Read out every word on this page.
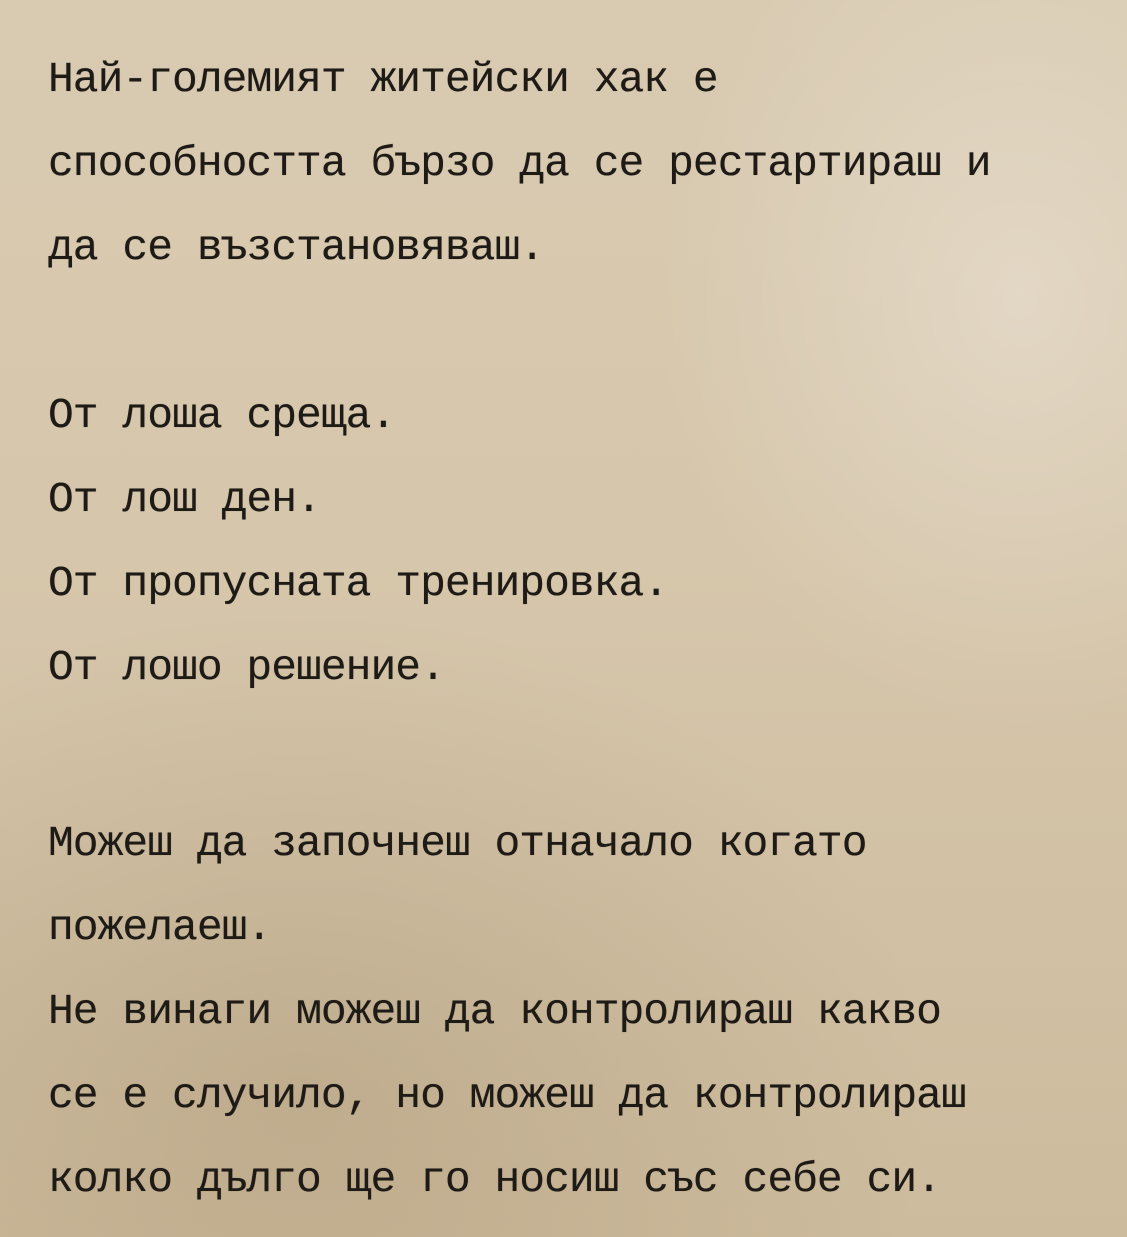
Най-големият житейски хак е

способността бързо да се рестартираш и

да се възстановяваш.

От лоша среща.

От лош ден.

От пропусната тренировка.

От лошо решение.

Можеш да започнеш отначало когато

пожелаеш.

Не винаги можеш да контролираш какво

се е случило, но можеш да контролираш

колко дълго ще го носиш със себе си.
